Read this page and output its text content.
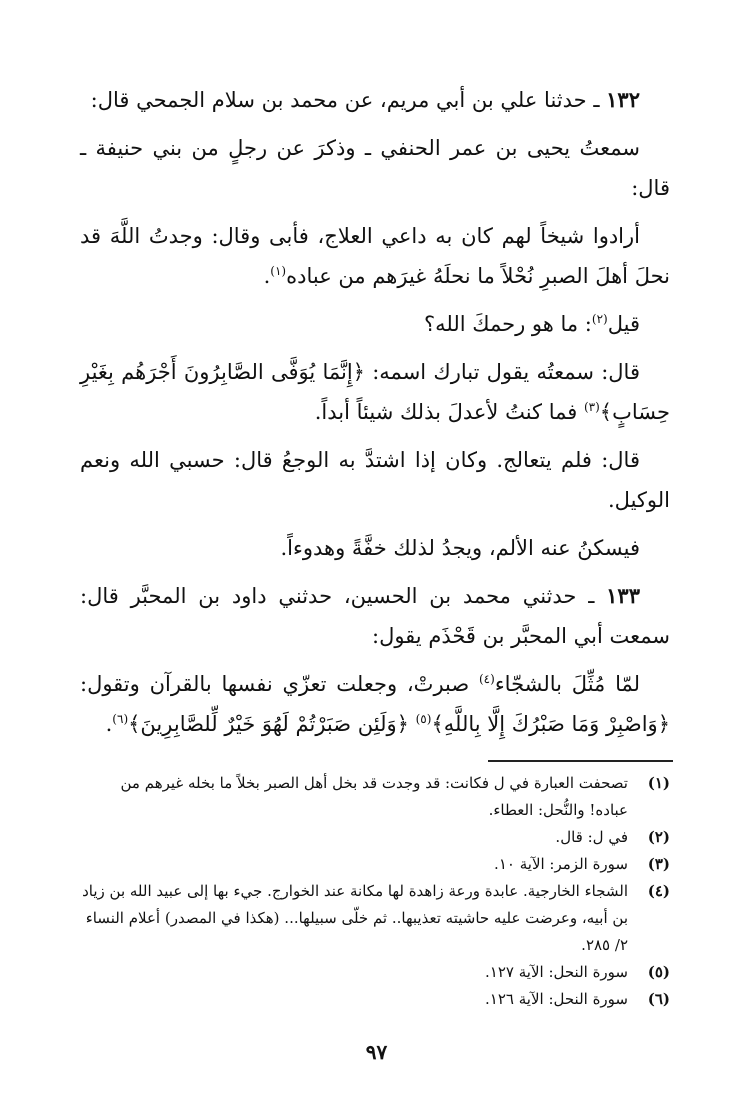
١٣٢ ـ حدثنا علي بن أبي مريم، عن محمد بن سلام الجمحي قال:

سمعتُ يحيى بن عمر الحنفي ـ وذكرَ عن رجلٍ من بني حنيفة ـ قال:

أرادوا شيخاً لهم كان به داعي العلاج، فأبى وقال: وجدتُ اللَّهَ قد نحلَ أهلَ الصبرِ نُحْلاً ما نحلَهُ غيرَهم من عباده$^{(١)}$.

قيل$^{(٢)}$: ما هو رحمكَ الله؟

قال: سمعتُه يقول تبارك اسمه: ﴿إِنَّمَا يُوَفَّى الصَّابِرُونَ أَجْرَهُم بِغَيْرِ حِسَابٍ﴾$^{(٣)}$ فما كنتُ لأعدلَ بذلك شيئاً أبداً.

قال: فلم يتعالج. وكان إذا اشتدَّ به الوجعُ قال: حسبي الله ونعم الوكيل.

فيسكنُ عنه الألم، ويجدُ لذلك خفَّةً وهدوءاً.

١٣٣ ـ حدثني محمد بن الحسين، حدثني داود بن المحبَّر قال: سمعت أبي المحبَّر بن قَحْذَم يقول:

لمّا مُثِّلَ بالشجّاء$^{(٤)}$ صبرتْ، وجعلت تعزّي نفسها بالقرآن وتقول: ﴿وَاصْبِرْ وَمَا صَبْرُكَ إِلَّا بِاللَّهِ﴾$^{(٥)}$ ﴿وَلَئِن صَبَرْتُمْ لَهُوَ خَيْرٌ لِّلصَّابِرِينَ﴾$^{(٦)}$.

(١)
تصحفت العبارة في ل فكانت: قد وجدت قد بخل أهل الصبر بخلاً ما بخله غيرهم من عباده! والنُّحل: العطاء.
(٢)
في ل: قال.
(٣)
سورة الزمر: الآية ١٠.
(٤)
الشجاء الخارجية. عابدة ورعة زاهدة لها مكانة عند الخوارج. جيء بها إلى عبيد الله بن زياد بن أبيه، وعرضت عليه حاشيته تعذيبها.. ثم خلّى سبيلها... (هكذا في المصدر) أعلام النساء ٢/ ٢٨٥.
(٥)
سورة النحل: الآية ١٢٧.
(٦)
سورة النحل: الآية ١٢٦.
٩٧
